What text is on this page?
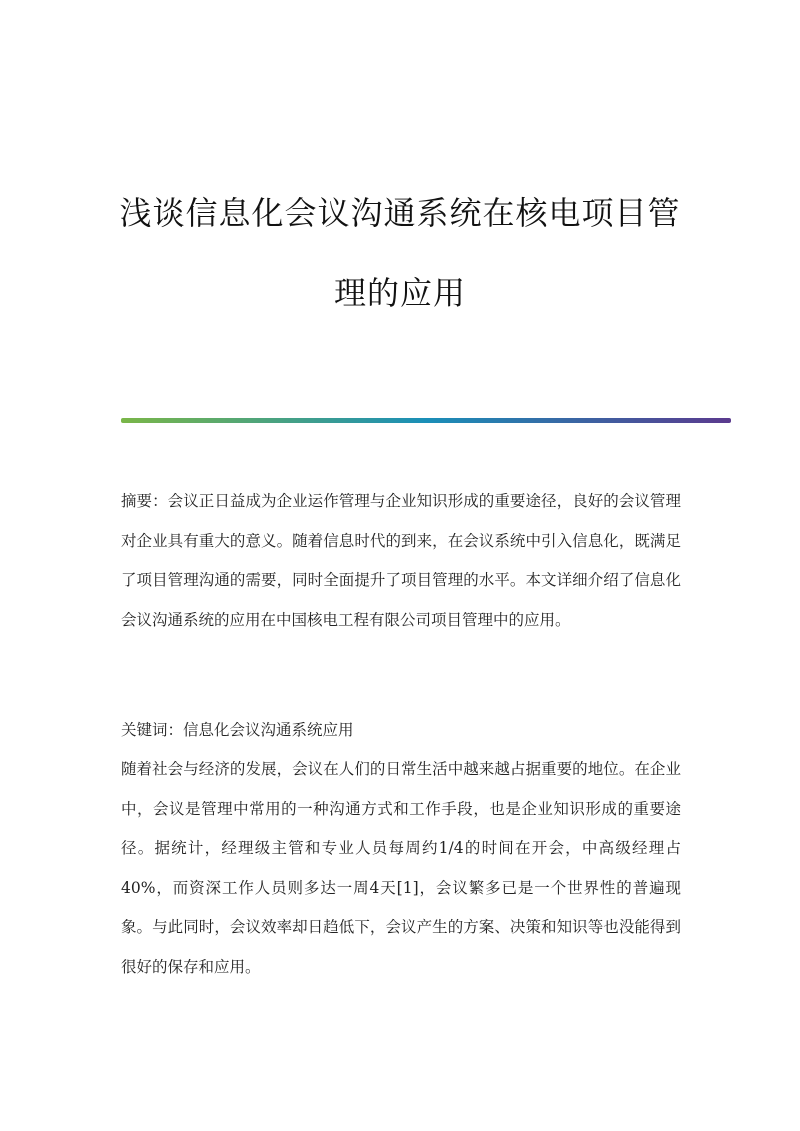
浅谈信息化会议沟通系统在核电项目管
理的应用

摘要：会议正日益成为企业运作管理与企业知识形成的重要途径，良好的会议管理对企业具有重大的意义。随着信息时代的到来，在会议系统中引入信息化，既满足了项目管理沟通的需要，同时全面提升了项目管理的水平。本文详细介绍了信息化会议沟通系统的应用在中国核电工程有限公司项目管理中的应用。

关键词：信息化会议沟通系统应用

随着社会与经济的发展，会议在人们的日常生活中越来越占据重要的地位。在企业中，会议是管理中常用的一种沟通方式和工作手段，也是企业知识形成的重要途径。据统计，经理级主管和专业人员每周约1/4的时间在开会，中高级经理占40%，而资深工作人员则多达一周4天[1]，会议繁多已是一个世界性的普遍现象。与此同时，会议效率却日趋低下，会议产生的方案、决策和知识等也没能得到很好的保存和应用。
